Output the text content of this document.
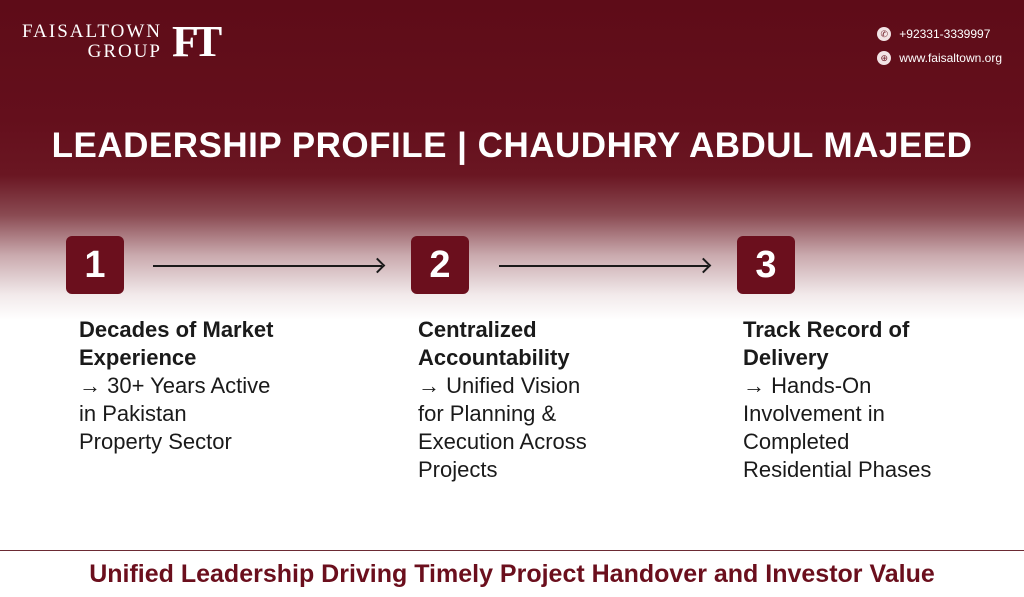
FAISALTOWN
GROUP FT	✆ +92331-3339997
⊕ www.faisaltown.org
LEADERSHIP PROFILE | CHAUDHRY ABDUL MAJEED
1	2	3
Decades of Market
Experience
→ 30+ Years Active
in Pakistan
Property Sector
Centralized
Accountability
→ Unified Vision
for Planning &
Execution Across
Projects
Track Record of
Delivery
→ Hands-On
Involvement in
Completed
Residential Phases
Unified Leadership Driving Timely Project Handover and Investor Value
